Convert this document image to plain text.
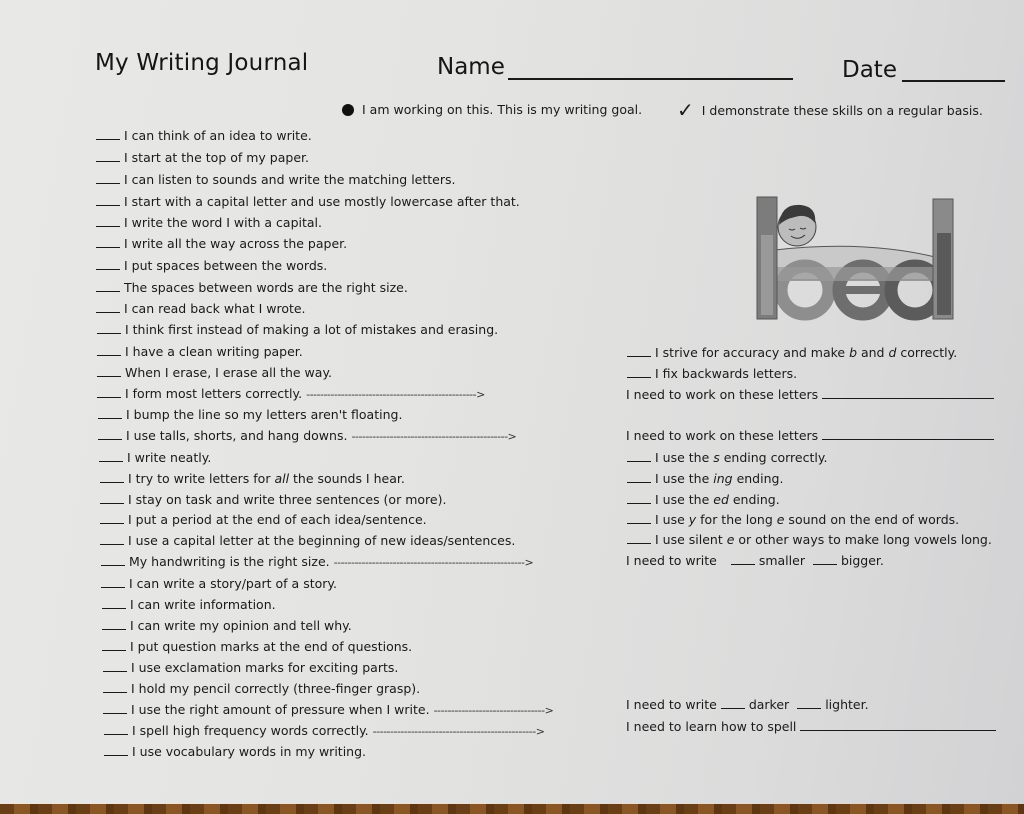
My Writing Journal	Name	Date
I am working on this. This is my writing goal. ✓ I demonstrate these skills on a regular basis.
I can think of an idea to write.
I start at the top of my paper.
I can listen to sounds and write the matching letters.
I start with a capital letter and use mostly lowercase after that.
I write the word I with a capital.
I write all the way across the paper.
I put spaces between the words.
The spaces between words are the right size.
I can read back what I wrote.
I think first instead of making a lot of mistakes and erasing.
I have a clean writing paper.
When I erase, I erase all the way.
I form most letters correctly. ------------------------------------------------->
I bump the line so my letters aren't floating.
I use talls, shorts, and hang downs. --------------------------------------------->
I write neatly.
I try to write letters for all the sounds I hear.
I stay on task and write three sentences (or more).
I put a period at the end of each idea/sentence.
I use a capital letter at the beginning of new ideas/sentences.
My handwriting is the right size. ------------------------------------------------------->
I can write a story/part of a story.
I can write information.
I can write my opinion and tell why.
I put question marks at the end of questions.
I use exclamation marks for exciting parts.
I hold my pencil correctly (three-finger grasp).
I use the right amount of pressure when I write. -------------------------------->
I spell high frequency words correctly. ----------------------------------------------->
I use vocabulary words in my writing.
I strive for accuracy and make b and d correctly.
I fix backwards letters.
I need to work on these letters
I need to work on these letters
I use the s ending correctly.
I use the ing ending.
I use the ed ending.
I use y for the long e sound on the end of words.
I use silent e or other ways to make long vowels long.
I need to write	smaller	bigger.
I need to write	darker	lighter.
I need to learn how to spell
